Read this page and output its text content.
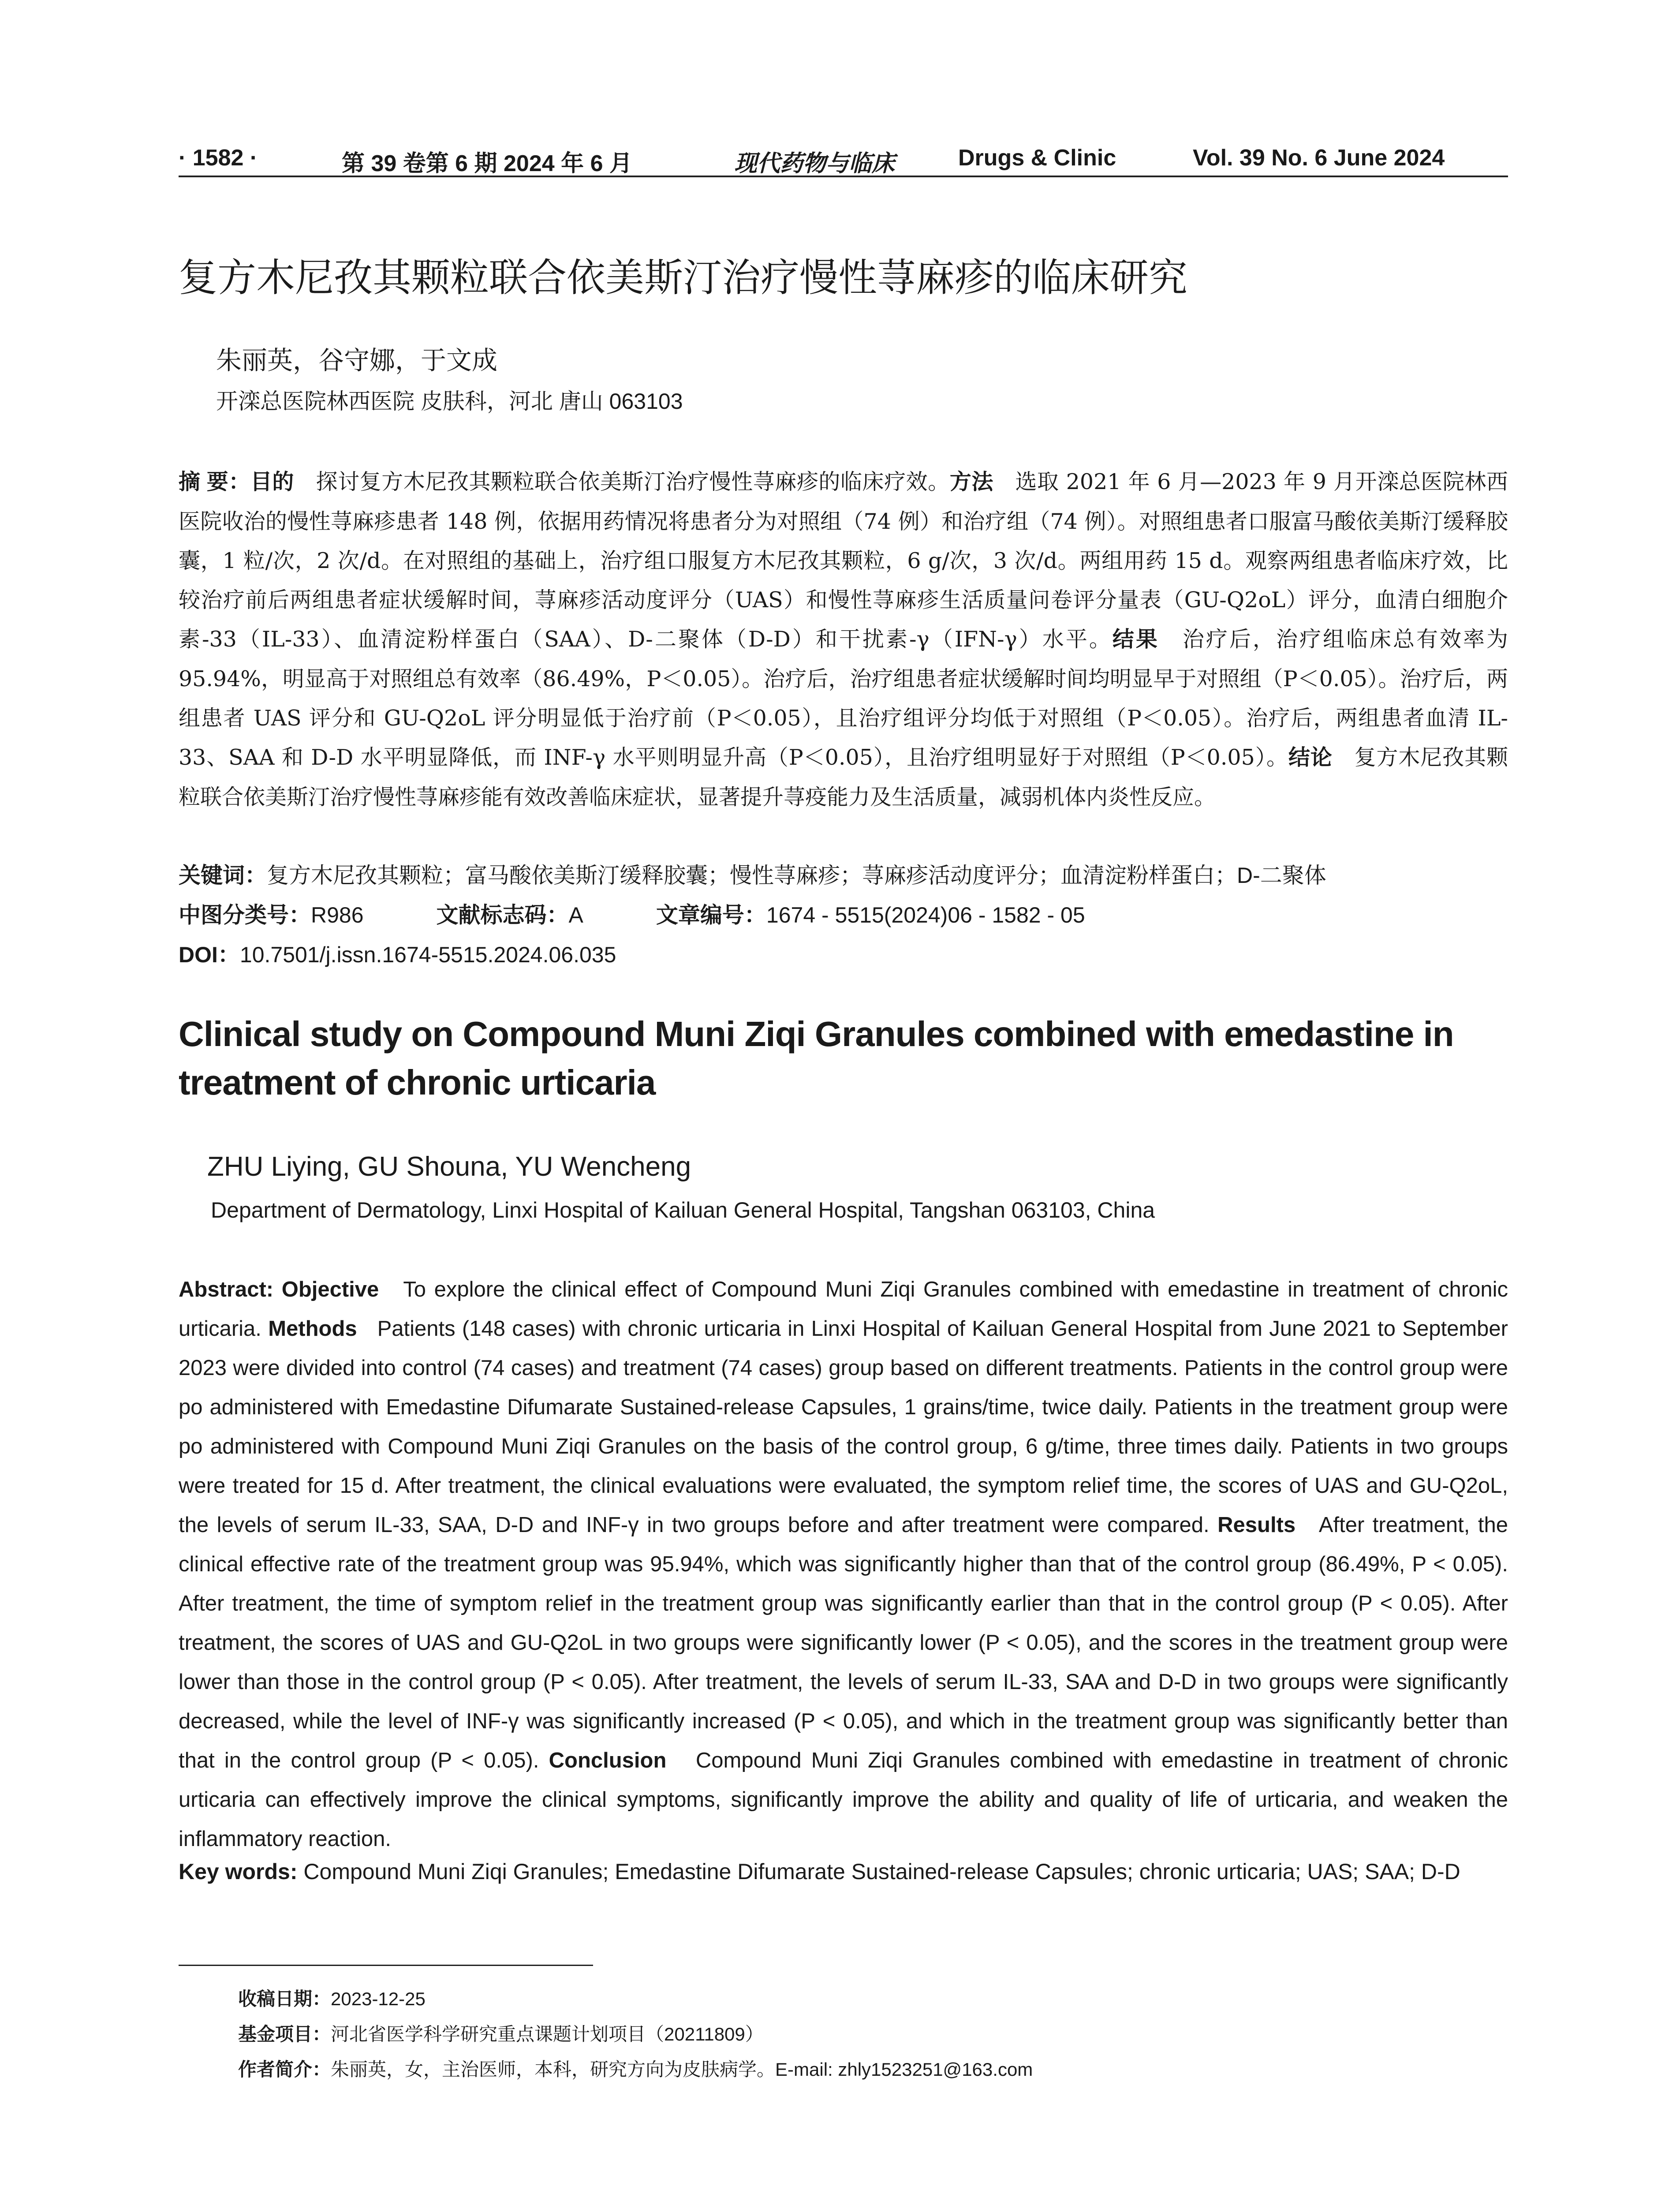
· 1582 ·	第 39 卷第 6 期 2024 年 6 月	现代药物与临床	Drugs & Clinic	Vol. 39 No. 6 June 2024
复方木尼孜其颗粒联合依美斯汀治疗慢性荨麻疹的临床研究
朱丽英，谷守娜，于文成
开滦总医院林西医院 皮肤科，河北 唐山 063103

摘 要：目的　 探讨复方木尼孜其颗粒联合依美斯汀治疗慢性荨麻疹的临床疗效。方法　 选取 2021 年 6 月—2023 年 9 月开滦总医院林西医院收治的慢性荨麻疹患者 148 例，依据用药情况将患者分为对照组（74 例）和治疗组（74 例）。对照组患者口服富马酸依美斯汀缓释胶囊，1 粒/次，2 次/d。在对照组的基础上，治疗组口服复方木尼孜其颗粒，6 g/次，3 次/d。两组用药 15 d。观察两组患者临床疗效，比较治疗前后两组患者症状缓解时间，荨麻疹活动度评分（UAS）和慢性荨麻疹生活质量问卷评分量表（GU-Q2oL）评分，血清白细胞介素-33（IL-33）、血清淀粉样蛋白（SAA）、D-二聚体（D-D）和干扰素-γ（IFN-γ）水平。结果　 治疗后，治疗组临床总有效率为 95.94%，明显高于对照组总有效率（86.49%，P＜0.05）。治疗后，治疗组患者症状缓解时间均明显早于对照组（P＜0.05）。治疗后，两组患者 UAS 评分和 GU-Q2oL 评分明显低于治疗前（P＜0.05），且治疗组评分均低于对照组（P＜0.05）。治疗后，两组患者血清 IL-33、SAA 和 D-D 水平明显降低，而 INF-γ 水平则明显升高（P＜0.05），且治疗组明显好于对照组（P＜0.05）。结论　 复方木尼孜其颗粒联合依美斯汀治疗慢性荨麻疹能有效改善临床症状，显著提升荨疫能力及生活质量，减弱机体内炎性反应。

关键词：复方木尼孜其颗粒；富马酸依美斯汀缓释胶囊；慢性荨麻疹；荨麻疹活动度评分；血清淀粉样蛋白；D-二聚体
中图分类号：R986	文献标志码：A	文章编号：1674 - 5515(2024)06 - 1582 - 05
DOI：10.7501/j.issn.1674-5515.2024.06.035

Clinical study on Compound Muni Ziqi Granules combined with emedastine in treatment of chronic urticaria

ZHU Liying, GU Shouna, YU Wencheng
Department of Dermatology, Linxi Hospital of Kailuan General Hospital, Tangshan 063103, China

Abstract: Objective To explore the clinical effect of Compound Muni Ziqi Granules combined with emedastine in treatment of chronic urticaria. Methods Patients (148 cases) with chronic urticaria in Linxi Hospital of Kailuan General Hospital from June 2021 to September 2023 were divided into control (74 cases) and treatment (74 cases) group based on different treatments. Patients in the control group were po administered with Emedastine Difumarate Sustained-release Capsules, 1 grains/time, twice daily. Patients in the treatment group were po administered with Compound Muni Ziqi Granules on the basis of the control group, 6 g/time, three times daily. Patients in two groups were treated for 15 d. After treatment, the clinical evaluations were evaluated, the symptom relief time, the scores of UAS and GU-Q2oL, the levels of serum IL-33, SAA, D-D and INF-γ in two groups before and after treatment were compared. Results After treatment, the clinical effective rate of the treatment group was 95.94%, which was significantly higher than that of the control group (86.49%, P < 0.05). After treatment, the time of symptom relief in the treatment group was significantly earlier than that in the control group (P < 0.05). After treatment, the scores of UAS and GU-Q2oL in two groups were significantly lower (P < 0.05), and the scores in the treatment group were lower than those in the control group (P < 0.05). After treatment, the levels of serum IL-33, SAA and D-D in two groups were significantly decreased, while the level of INF-γ was significantly increased (P < 0.05), and which in the treatment group was significantly better than that in the control group (P < 0.05). Conclusion Compound Muni Ziqi Granules combined with emedastine in treatment of chronic urticaria can effectively improve the clinical symptoms, significantly improve the ability and quality of life of urticaria, and weaken the inflammatory reaction.

Key words: Compound Muni Ziqi Granules; Emedastine Difumarate Sustained-release Capsules; chronic urticaria; UAS; SAA; D-D
收稿日期：2023-12-25
基金项目：河北省医学科学研究重点课题计划项目（20211809）
作者简介：朱丽英，女，主治医师，本科，研究方向为皮肤病学。E-mail: zhly1523251@163.com
